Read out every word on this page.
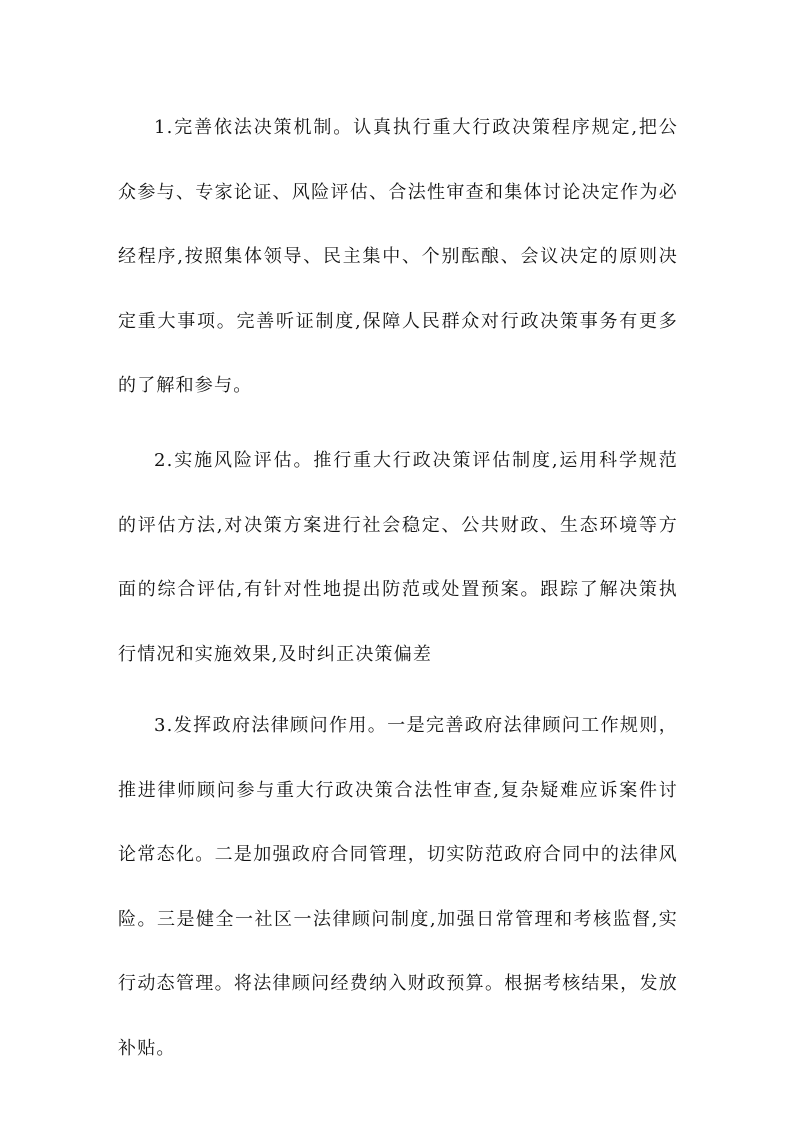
1.完善依法决策机制。认真执行重大行政决策程序规定,把公众参与、专家论证、风险评估、合法性审查和集体讨论决定作为必经程序,按照集体领导、民主集中、个别酝酿、会议决定的原则决定重大事项。完善听证制度,保障人民群众对行政决策事务有更多的了解和参与。

2.实施风险评估。推行重大行政决策评估制度,运用科学规范的评估方法,对决策方案进行社会稳定、公共财政、生态环境等方面的综合评估,有针对性地提出防范或处置预案。跟踪了解决策执行情况和实施效果,及时纠正决策偏差

3.发挥政府法律顾问作用。一是完善政府法律顾问工作规则，推进律师顾问参与重大行政决策合法性审查,复杂疑难应诉案件讨论常态化。二是加强政府合同管理，切实防范政府合同中的法律风险。三是健全一社区一法律顾问制度,加强日常管理和考核监督,实行动态管理。将法律顾问经费纳入财政预算。根据考核结果，发放补贴。
